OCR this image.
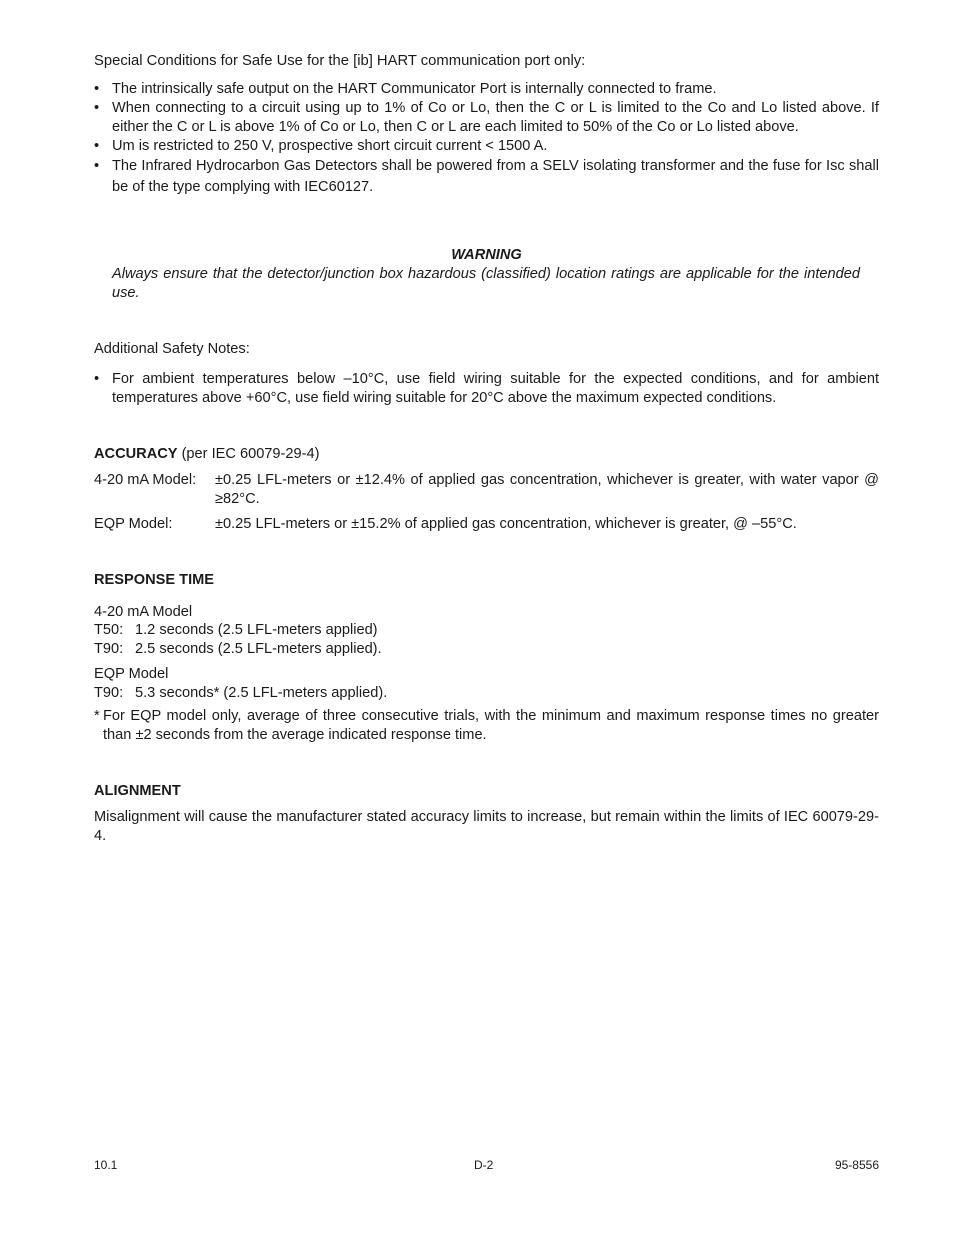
Special Conditions for Safe Use for the [ib] HART communication port only:
• The intrinsically safe output on the HART Communicator Port is internally connected to frame.
• When connecting to a circuit using up to 1% of Co or Lo, then the C or L is limited to the Co and Lo listed above. If either the C or L is above 1% of Co or Lo, then C or L are each limited to 50% of the Co or Lo listed above.
• Um is restricted to 250 V, prospective short circuit current < 1500 A.
• The Infrared Hydrocarbon Gas Detectors shall be powered from a SELV isolating transformer and the fuse for Isc shall be of the type complying with IEC60127.
WARNING
Always ensure that the detector/junction box hazardous (classified) location ratings are applicable for the intended use.
Additional Safety Notes:
• For ambient temperatures below –10°C, use field wiring suitable for the expected conditions, and for ambient temperatures above +60°C, use field wiring suitable for 20°C above the maximum expected conditions.
ACCURACY (per IEC 60079-29-4)
4-20 mA Model: ±0.25 LFL-meters or ±12.4% of applied gas concentration, whichever is greater, with water vapor @ ≥82°C.
EQP Model:	±0.25 LFL-meters or ±15.2% of applied gas concentration, whichever is greater, @ –55°C.
RESPONSE TIME
4-20 mA Model
T50: 1.2 seconds (2.5 LFL-meters applied)
T90: 2.5 seconds (2.5 LFL-meters applied).
EQP Model
T90: 5.3 seconds* (2.5 LFL-meters applied).
* For EQP model only, average of three consecutive trials, with the minimum and maximum response times no greater than ±2 seconds from the average indicated response time.
ALIGNMENT
Misalignment will cause the manufacturer stated accuracy limits to increase, but remain within the limits of IEC 60079-29-4.
10.1	D-2	95-8556
